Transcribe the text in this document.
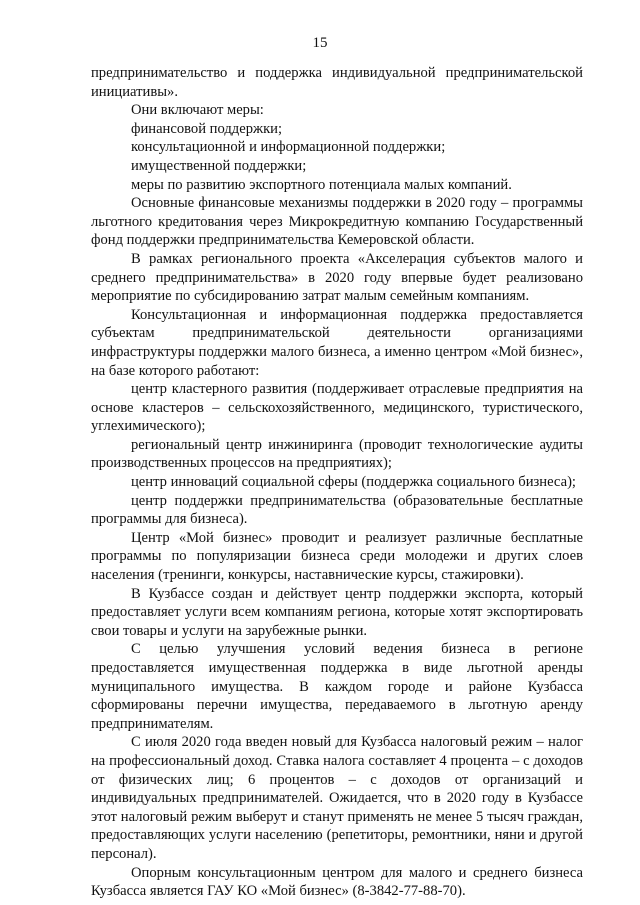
15

предпринимательство и поддержка индивидуальной предпринимательской инициативы».

Они включают меры:

финансовой поддержки;

консультационной и информационной поддержки;

имущественной поддержки;

меры по развитию экспортного потенциала малых компаний.

Основные финансовые механизмы поддержки в 2020 году – программы льготного кредитования через Микрокредитную компанию Государственный фонд поддержки предпринимательства Кемеровской области.

В рамках регионального проекта «Акселерация субъектов малого и среднего предпринимательства» в 2020 году впервые будет реализовано мероприятие по субсидированию затрат малым семейным компаниям.

Консультационная и информационная поддержка предоставляется субъектам предпринимательской деятельности организациями инфраструктуры поддержки малого бизнеса, а именно центром «Мой бизнес», на базе которого работают:

центр кластерного развития (поддерживает отраслевые предприятия на основе кластеров – сельскохозяйственного, медицинского, туристического, углехимического);

региональный центр инжиниринга (проводит технологические аудиты производственных процессов на предприятиях);

центр инноваций социальной сферы (поддержка социального бизнеса);

центр поддержки предпринимательства (образовательные бесплатные программы для бизнеса).

Центр «Мой бизнес» проводит и реализует различные бесплатные программы по популяризации бизнеса среди молодежи и других слоев населения (тренинги, конкурсы, наставнические курсы, стажировки).

В Кузбассе создан и действует центр поддержки экспорта, который предоставляет услуги всем компаниям региона, которые хотят экспортировать свои товары и услуги на зарубежные рынки.

С целью улучшения условий ведения бизнеса в регионе предоставляется имущественная поддержка в виде льготной аренды муниципального имущества. В каждом городе и районе Кузбасса сформированы перечни имущества, передаваемого в льготную аренду предпринимателям.

С июля 2020 года введен новый для Кузбасса налоговый режим – налог на профессиональный доход. Ставка налога составляет 4 процента – с доходов от физических лиц; 6 процентов – с доходов от организаций и индивидуальных предпринимателей. Ожидается, что в 2020 году в Кузбассе этот налоговый режим выберут и станут применять не менее 5 тысяч граждан, предоставляющих услуги населению (репетиторы, ремонтники, няни и другой персонал).

Опорным консультационным центром для малого и среднего бизнеса Кузбасса является ГАУ КО «Мой бизнес» (8-3842-77-88-70).
